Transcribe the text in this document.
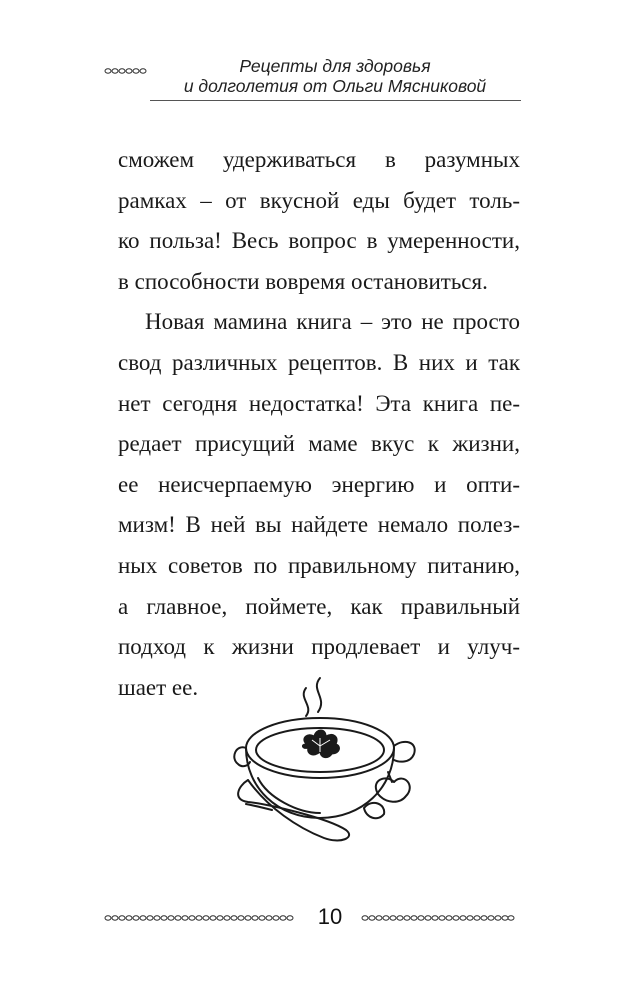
Рецепты для здоровья
и долголетия от Ольги Мясниковой
сможем удерживаться в разумных
рамках – от вкусной еды будет толь-
ко польза! Весь вопрос в умеренности,
в способности вовремя остановиться.
Новая мамина книга – это не просто
свод различных рецептов. В них и так
нет сегодня недостатка! Эта книга пе-
редает присущий маме вкус к жизни,
ее неисчерпаемую энергию и опти-
мизм! В ней вы найдете немало полез-
ных советов по правильному питанию,
а главное, поймете, как правильный
подход к жизни продлевает и улуч-
шает ее.
10
